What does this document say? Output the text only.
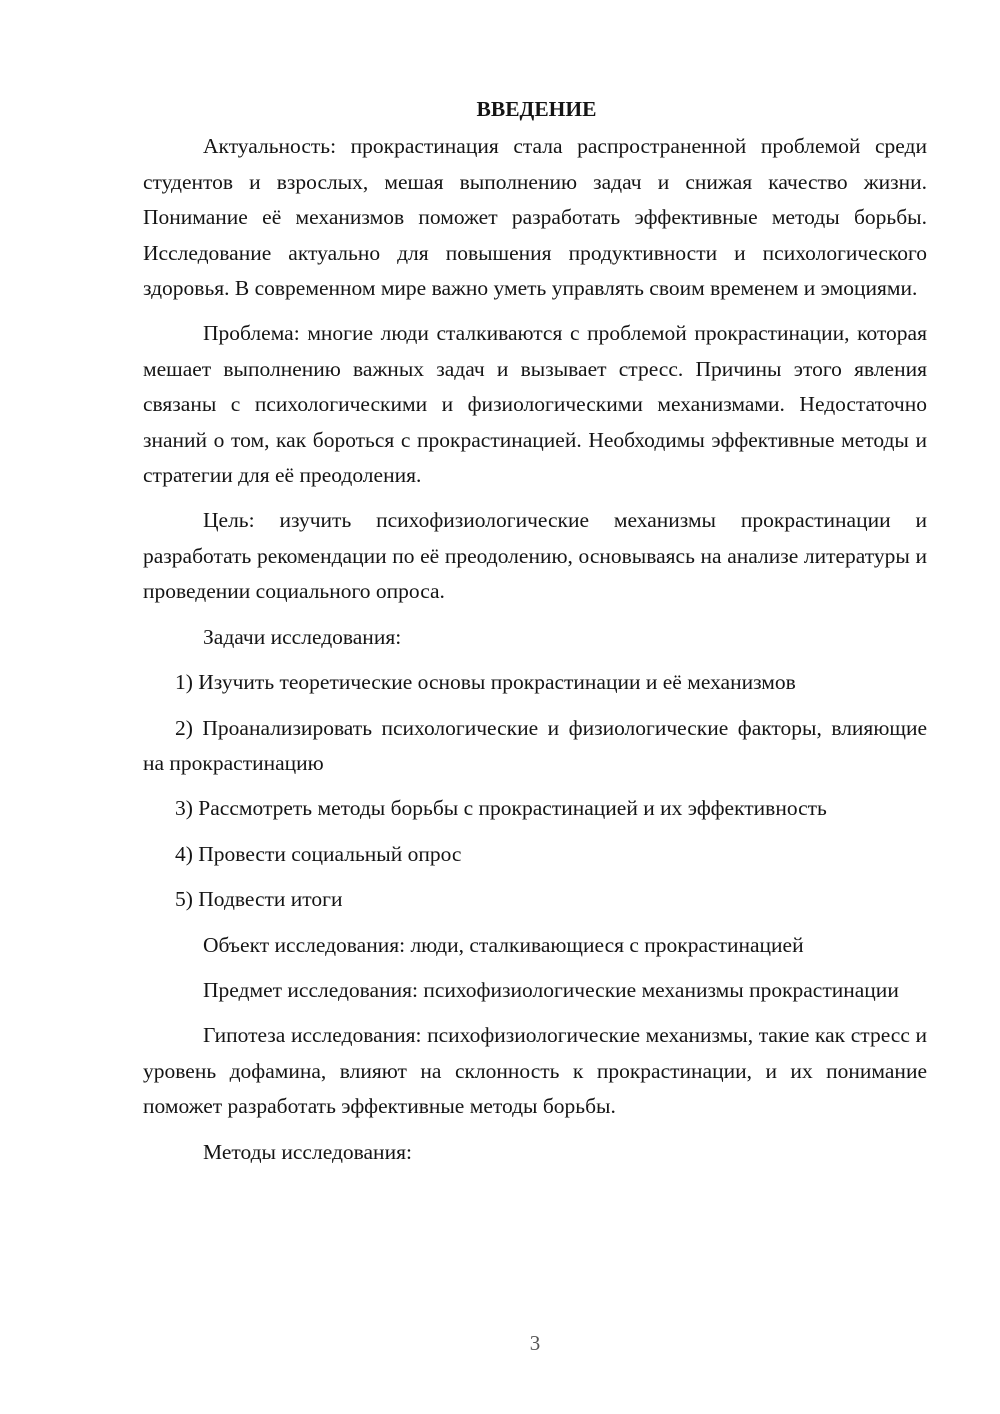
ВВЕДЕНИЕ

Актуальность: прокрастинация стала распространенной проблемой среди студентов и взрослых, мешая выполнению задач и снижая качество жизни. Понимание её механизмов поможет разработать эффективные методы борьбы. Исследование актуально для повышения продуктивности и психологического здоровья. В современном мире важно уметь управлять своим временем и эмоциями.

Проблема: многие люди сталкиваются с проблемой прокрастинации, которая мешает выполнению важных задач и вызывает стресс. Причины этого явления связаны с психологическими и физиологическими механизмами. Недостаточно знаний о том, как бороться с прокрастинацией. Необходимы эффективные методы и стратегии для её преодоления.

Цель: изучить психофизиологические механизмы прокрастинации и разработать рекомендации по её преодолению, основываясь на анализе литературы и проведении социального опроса.

Задачи исследования:

1) Изучить теоретические основы прокрастинации и её механизмов

2) Проанализировать психологические и физиологические факторы, влияющие на прокрастинацию

3) Рассмотреть методы борьбы с прокрастинацией и их эффективность

4) Провести социальный опрос

5) Подвести итоги

Объект исследования: люди, сталкивающиеся с прокрастинацией

Предмет исследования: психофизиологические механизмы прокрастинации

Гипотеза исследования: психофизиологические механизмы, такие как стресс и уровень дофамина, влияют на склонность к прокрастинации, и их понимание поможет разработать эффективные методы борьбы.

Методы исследования:

3
